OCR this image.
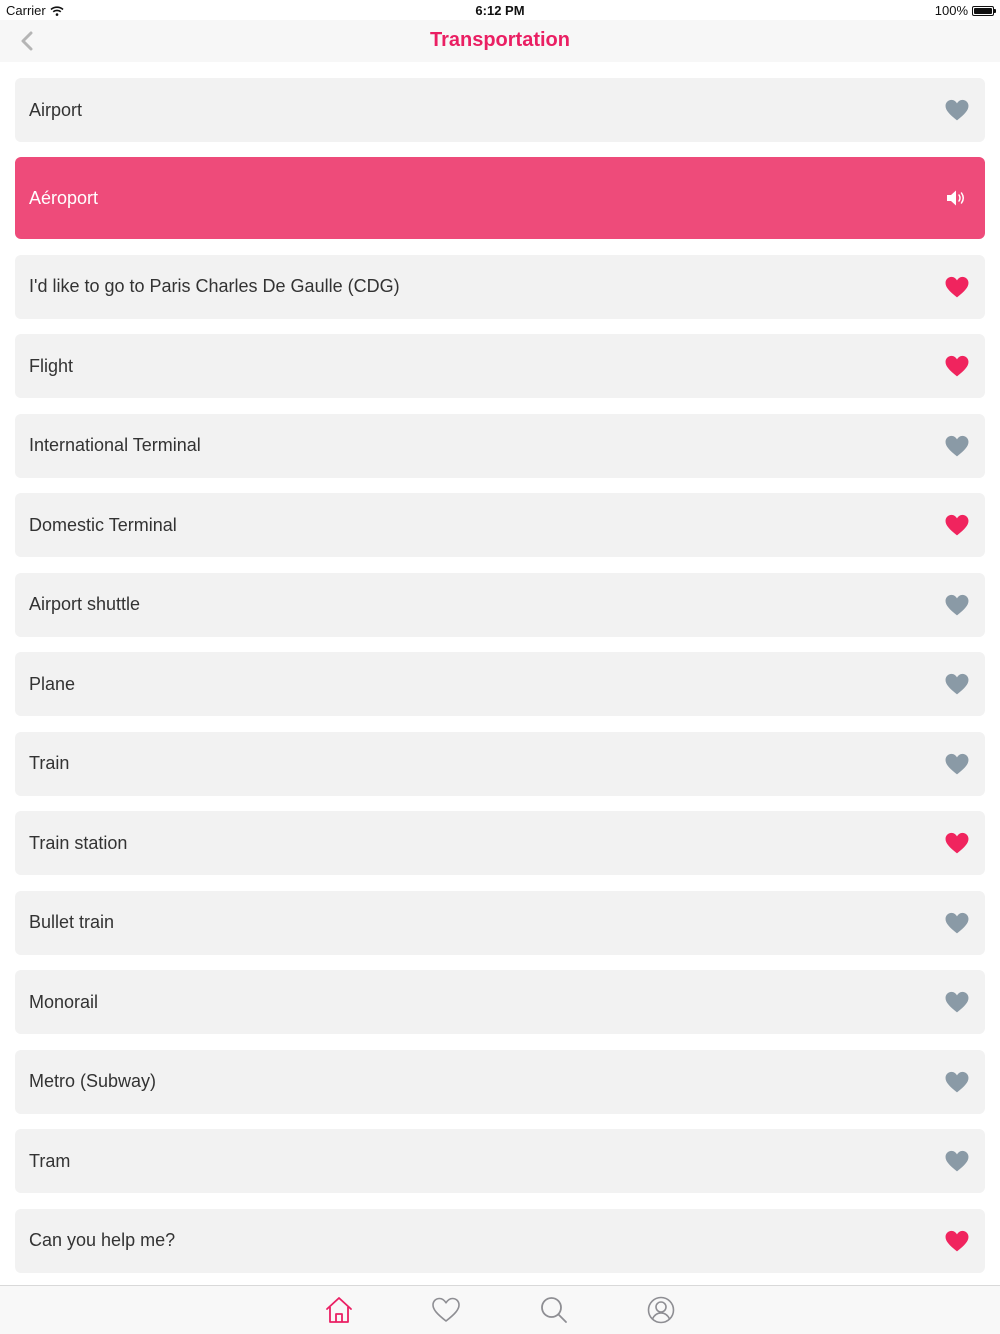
Carrier	6:12 PM	100%
Transportation
Airport
Aéroport
I'd like to go to Paris Charles De Gaulle (CDG)
Flight
International Terminal
Domestic Terminal
Airport shuttle
Plane
Train
Train station
Bullet train
Monorail
Metro (Subway)
Tram
Can you help me?
